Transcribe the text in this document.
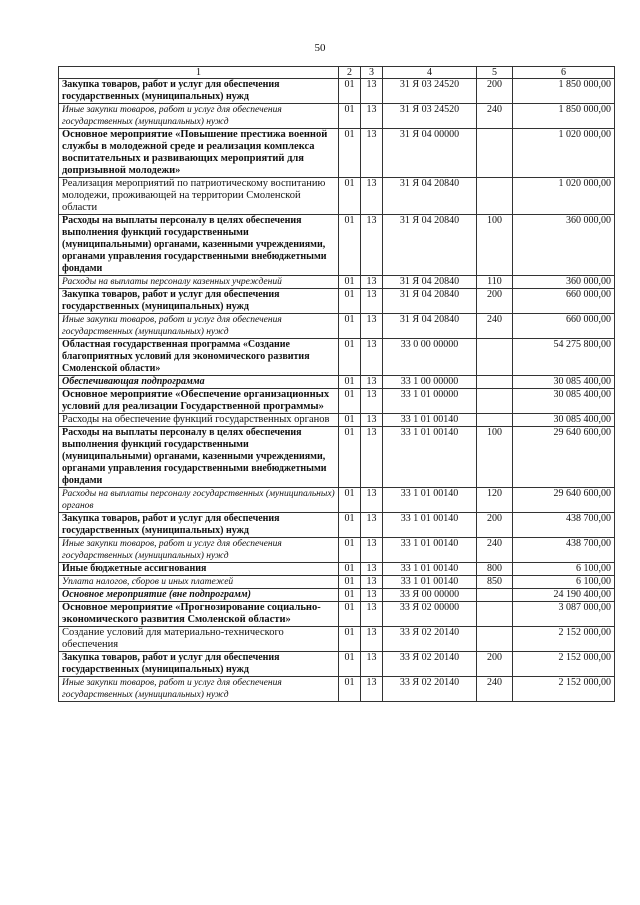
50
1	2	3	4	5	6
Закупка товаров, работ и услуг для обеспечения государственных (муниципальных) нужд	01	13	31 Я 03 24520	200	1 850 000,00
Иные закупки товаров, работ и услуг для обеспечения государственных (муниципальных) нужд	01	13	31 Я 03 24520	240	1 850 000,00
Основное мероприятие «Повышение престижа военной службы в молодежной среде и реализация комплекса воспитательных и развивающих мероприятий для допризывной молодежи»	01	13	31 Я 04 00000		1 020 000,00
Реализация мероприятий по патриотическому воспитанию молодежи, проживающей на территории Смоленской области	01	13	31 Я 04 20840		1 020 000,00
Расходы на выплаты персоналу в целях обеспечения выполнения функций государственными (муниципальными) органами, казенными учреждениями, органами управления государственными внебюджетными фондами	01	13	31 Я 04 20840	100	360 000,00
Расходы на выплаты персоналу казенных учреждений	01	13	31 Я 04 20840	110	360 000,00
Закупка товаров, работ и услуг для обеспечения государственных (муниципальных) нужд	01	13	31 Я 04 20840	200	660 000,00
Иные закупки товаров, работ и услуг для обеспечения государственных (муниципальных) нужд	01	13	31 Я 04 20840	240	660 000,00
Областная государственная программа «Создание благоприятных условий для экономического развития Смоленской области»	01	13	33 0 00 00000		54 275 800,00
Обеспечивающая подпрограмма	01	13	33 1 00 00000		30 085 400,00
Основное мероприятие «Обеспечение организационных условий для реализации Государственной программы»	01	13	33 1 01 00000		30 085 400,00
Расходы на обеспечение функций государственных органов	01	13	33 1 01 00140		30 085 400,00
Расходы на выплаты персоналу в целях обеспечения выполнения функций государственными (муниципальными) органами, казенными учреждениями, органами управления государственными внебюджетными фондами	01	13	33 1 01 00140	100	29 640 600,00
Расходы на выплаты персоналу государственных (муниципальных) органов	01	13	33 1 01 00140	120	29 640 600,00
Закупка товаров, работ и услуг для обеспечения государственных (муниципальных) нужд	01	13	33 1 01 00140	200	438 700,00
Иные закупки товаров, работ и услуг для обеспечения государственных (муниципальных) нужд	01	13	33 1 01 00140	240	438 700,00
Иные бюджетные ассигнования	01	13	33 1 01 00140	800	6 100,00
Уплата налогов, сборов и иных платежей	01	13	33 1 01 00140	850	6 100,00
Основное мероприятие (вне подпрограмм)	01	13	33 Я 00 00000		24 190 400,00
Основное мероприятие «Прогнозирование социально-экономического развития Смоленской области»	01	13	33 Я 02 00000		3 087 000,00
Создание условий для материально-технического обеспечения	01	13	33 Я 02 20140		2 152 000,00
Закупка товаров, работ и услуг для обеспечения государственных (муниципальных) нужд	01	13	33 Я 02 20140	200	2 152 000,00
Иные закупки товаров, работ и услуг для обеспечения государственных (муниципальных) нужд	01	13	33 Я 02 20140	240	2 152 000,00
